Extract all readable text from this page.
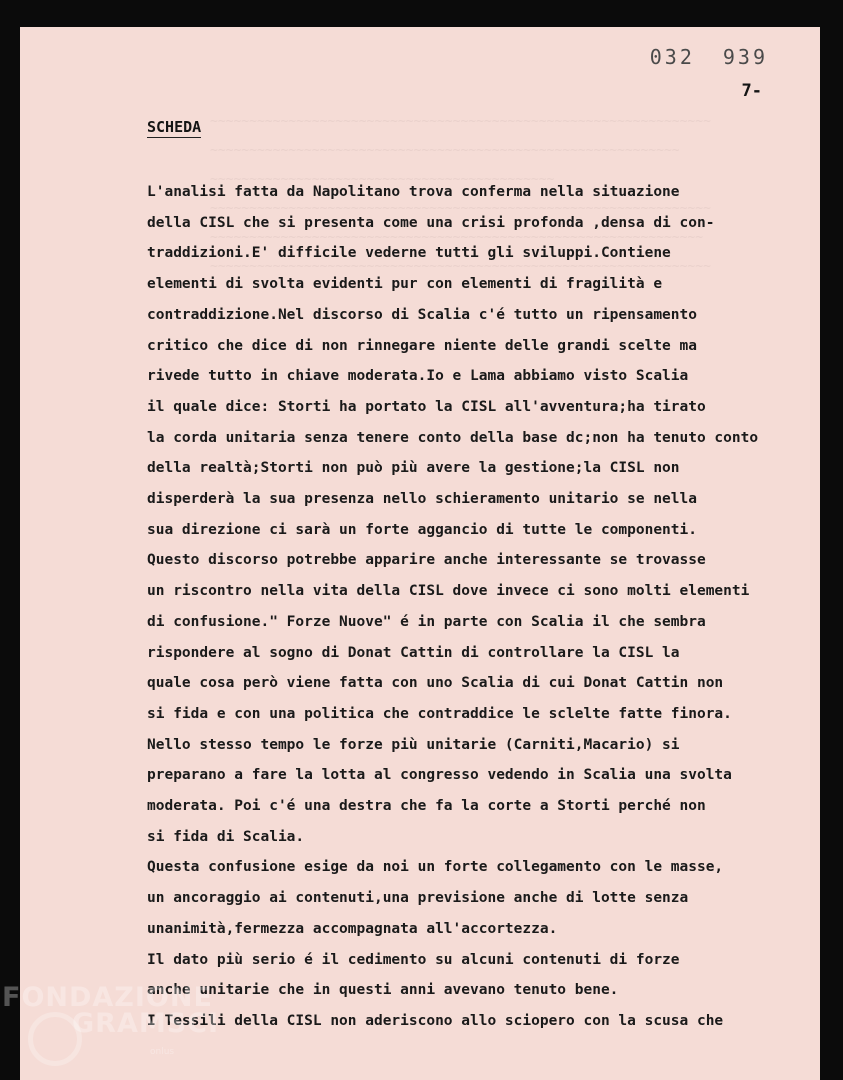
~~~~~~~~~~~~~~~~~~~~~~~~~~~~~~~~~~~~~~~~~~~~~~~~~~~~~~~~~~~~~~~~
~~~~~~~~~~~~~~~~~~~~~~~~~~~~~~~~~~~~~~~~~~~~~~~~~~~~~~~~~~~~
~~~~~~~~~~~~~~~~~~~~~~~~~~~~~~~~~~~~~~~~~~~~
~~~~~~~~~~~~~~~~~~~~~~~~~~~~~~~~~~~~~~~~~~~~~~~~~~~~~~~~~~~~~~~~
~~~~~~~~~~~~~~~~~~~~~~~~~~~~~~~~~~~~~~~~~~~~~~~~~~~~~~~~~~~~~~~
~~~~~~~~~~~~~~~~~~~~~~~~~~~~~~~~~~~~~~~~~~~~~~~~~~~~~~~~~~~~~~~~
032 939
7-
SCHEDA
L'analisi fatta da Napolitano trova conferma nella situazione
della CISL che si presenta come una crisi profonda ,densa di con-
traddizioni.E' difficile vederne tutti gli sviluppi.Contiene
elementi di svolta evidenti pur con elementi di fragilità e
contraddizione.Nel discorso di Scalia c'é tutto un ripensamento
critico che dice di non rinnegare niente delle grandi scelte ma
rivede tutto in chiave moderata.Io e Lama abbiamo visto Scalia
il quale dice: Storti ha portato la CISL all'avventura;ha tirato
la corda unitaria senza tenere conto della base dc;non ha tenuto conto
della realtà;Storti non può più avere la gestione;la CISL non
disperderà la sua presenza nello schieramento unitario se nella
sua direzione ci sarà un forte aggancio di tutte le componenti.
Questo discorso potrebbe apparire anche interessante se trovasse
un riscontro nella vita della CISL dove invece ci sono molti elementi
di confusione." Forze Nuove" é in parte con Scalia il che sembra
rispondere al sogno di Donat Cattin di controllare la CISL la
quale cosa però viene fatta con uno Scalia di cui Donat Cattin non
si fida e con una politica che contraddice le sclelte fatte finora.
Nello stesso tempo le forze più unitarie (Carniti,Macario) si
preparano a fare la lotta al congresso vedendo in Scalia una svolta
moderata. Poi c'é una destra che fa la corte a Storti perché non
si fida di Scalia.
Questa confusione esige da noi un forte collegamento con le masse,
un ancoraggio ai contenuti,una previsione anche di lotte senza
unanimità,fermezza accompagnata all'accortezza.
Il dato più serio é il cedimento su alcuni contenuti di forze
anche unitarie che in questi anni avevano tenuto bene.
I Tessili della CISL non aderiscono allo sciopero con la scusa che
FONDAZIONE
GRAMSCI
onlus
